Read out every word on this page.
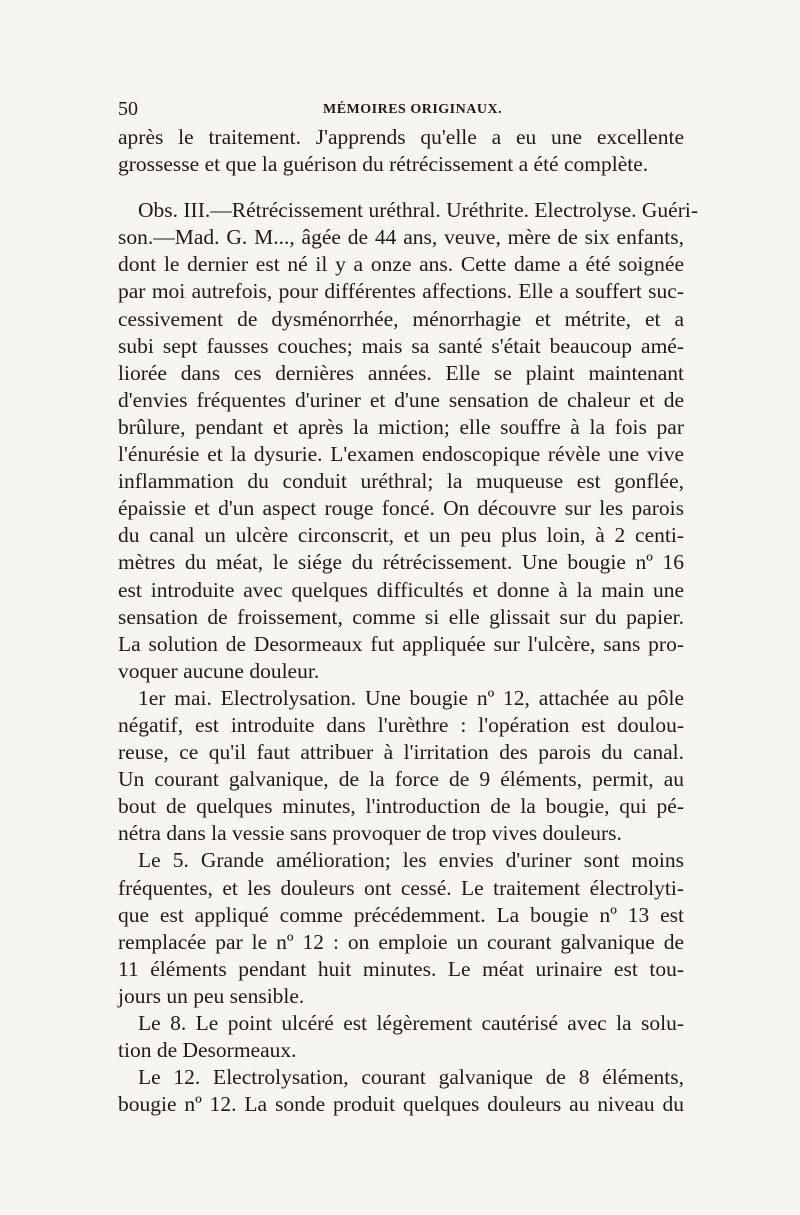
50	MÉMOIRES ORIGINAUX.
après le traitement. J'apprends qu'elle a eu une excellente
grossesse et que la guérison du rétrécissement a été complète.
Obs. III.—Rétrécissement uréthral. Uréthrite. Electrolyse. Guéri-
son.—Mad. G. M..., âgée de 44 ans, veuve, mère de six enfants,
dont le dernier est né il y a onze ans. Cette dame a été soignée
par moi autrefois, pour différentes affections. Elle a souffert suc-
cessivement de dysménorrhée, ménorrhagie et métrite, et a
subi sept fausses couches; mais sa santé s'était beaucoup amé-
liorée dans ces dernières années. Elle se plaint maintenant
d'envies fréquentes d'uriner et d'une sensation de chaleur et de
brûlure, pendant et après la miction; elle souffre à la fois par
l'énurésie et la dysurie. L'examen endoscopique révèle une vive
inflammation du conduit uréthral; la muqueuse est gonflée,
épaissie et d'un aspect rouge foncé. On découvre sur les parois
du canal un ulcère circonscrit, et un peu plus loin, à 2 centi-
mètres du méat, le siége du rétrécissement. Une bougie nº 16
est introduite avec quelques difficultés et donne à la main une
sensation de froissement, comme si elle glissait sur du papier.
La solution de Desormeaux fut appliquée sur l'ulcère, sans pro-
voquer aucune douleur.
1er mai. Electrolysation. Une bougie nº 12, attachée au pôle
négatif, est introduite dans l'urèthre : l'opération est doulou-
reuse, ce qu'il faut attribuer à l'irritation des parois du canal.
Un courant galvanique, de la force de 9 éléments, permit, au
bout de quelques minutes, l'introduction de la bougie, qui pé-
nétra dans la vessie sans provoquer de trop vives douleurs.
Le 5. Grande amélioration; les envies d'uriner sont moins
fréquentes, et les douleurs ont cessé. Le traitement électrolyti-
que est appliqué comme précédemment. La bougie nº 13 est
remplacée par le nº 12 : on emploie un courant galvanique de
11 éléments pendant huit minutes. Le méat urinaire est tou-
jours un peu sensible.
Le 8. Le point ulcéré est légèrement cautérisé avec la solu-
tion de Desormeaux.
Le 12. Electrolysation, courant galvanique de 8 éléments,
bougie nº 12. La sonde produit quelques douleurs au niveau du
